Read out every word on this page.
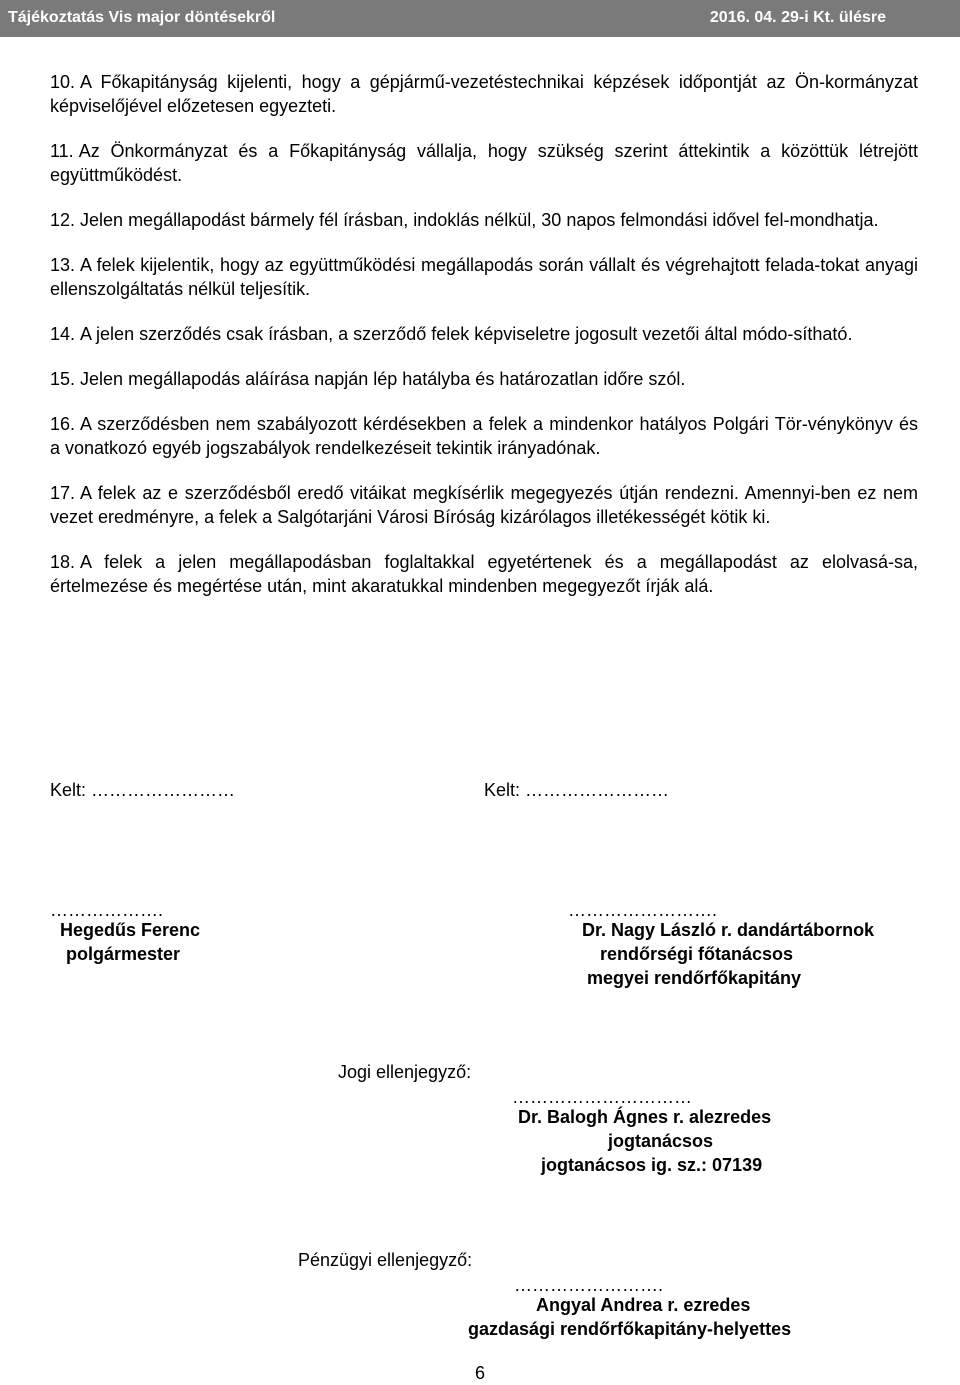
Tájékoztatás Vis major döntésekről	2016. 04. 29-i Kt. ülésre

10. A Főkapitányság kijelenti, hogy a gépjármű-vezetéstechnikai képzések időpontját az Ön-kormányzat képviselőjével előzetesen egyezteti.

11. Az Önkormányzat és a Főkapitányság vállalja, hogy szükség szerint áttekintik a közöttük létrejött együttműködést.

12. Jelen megállapodást bármely fél írásban, indoklás nélkül, 30 napos felmondási idővel fel-mondhatja.

13. A felek kijelentik, hogy az együttműködési megállapodás során vállalt és végrehajtott felada-tokat anyagi ellenszolgáltatás nélkül teljesítik.

14. A jelen szerződés csak írásban, a szerződő felek képviseletre jogosult vezetői által módo-sítható.

15. Jelen megállapodás aláírása napján lép hatályba és határozatlan időre szól.

16. A szerződésben nem szabályozott kérdésekben a felek a mindenkor hatályos Polgári Tör-vénykönyv és a vonatkozó egyéb jogszabályok rendelkezéseit tekintik irányadónak.

17. A felek az e szerződésből eredő vitáikat megkísérlik megegyezés útján rendezni. Amennyi-ben ez nem vezet eredményre, a felek a Salgótarjáni Városi Bíróság kizárólagos illetékességét kötik ki.

18. A felek a jelen megállapodásban foglaltakkal egyetértenek és a megállapodást az elolvasá-sa, értelmezése és megértése után, mint akaratukkal mindenben megegyezőt írják alá.

Kelt: ……………………	Kelt: ……………………
……………….
Hegedűs Ferenc
polgármester
…………………….
Dr. Nagy László r. dandártábornok
rendőrségi főtanácsos
megyei rendőrfőkapitány
Jogi ellenjegyző:
…………………………
Dr. Balogh Ágnes r. alezredes
jogtanácsos
jogtanácsos ig. sz.: 07139
Pénzügyi ellenjegyző:
…………………….
Angyal Andrea r. ezredes
gazdasági rendőrfőkapitány-helyettes
6
